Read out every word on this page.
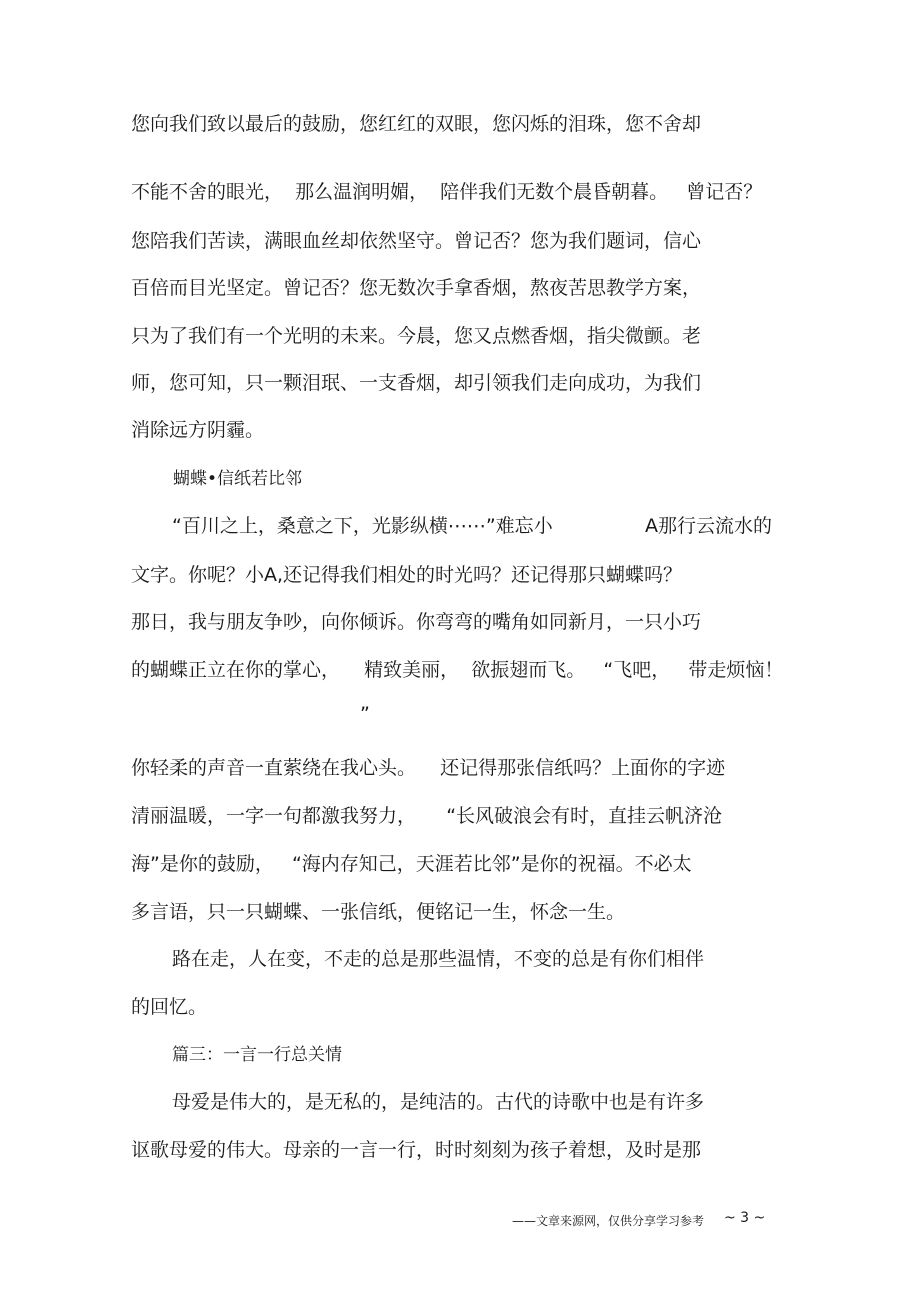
您向我们致以最后的鼓励，您红红的双眼，您闪烁的泪珠，您不舍却
不能不舍的眼光，  那么温润明媚，  陪伴我们无数个晨昏朝暮。   曾记否？
您陪我们苦读，满眼血丝却依然坚守。曾记否？您为我们题词，信心
百倍而目光坚定。曾记否？您无数次手拿香烟，熬夜苦思教学方案，
只为了我们有一个光明的未来。今晨，您又点燃香烟，指尖微颤。老
师，您可知，只一颗泪珉、一支香烟，却引领我们走向成功，为我们
消除远方阴霾。
蝴蝶•信纸若比邻
“百川之上，桑意之下，光影纵横⋯⋯”难忘小	A那行云流水的
文字。你呢？小A,还记得我们相处的时光吗？还记得那只蝴蝶吗？
那日，我与朋友争吵，向你倾诉。你弯弯的嘴角如同新月，一只小巧
的蝴蝶正立在你的掌心，    精致美丽，  欲振翅而飞。   “飞吧，   带走烦恼！
”
你轻柔的声音一直萦绕在我心头。    还记得那张信纸吗？上面你的字迹
清丽温暖，一字一句都激我努力，     “长风破浪会有时，直挂云帆济沧
海”是你的鼓励，   “海内存知己，天涯若比邻”是你的祝福。不必太
多言语，只一只蝴蝶、一张信纸，便铭记一生，怀念一生。
路在走，人在变，不走的总是那些温情，不变的总是有你们相伴
的回忆。
篇三：一言一行总关情
母爱是伟大的，是无私的，是纯洁的。古代的诗歌中也是有许多
讴歌母爱的伟大。母亲的一言一行，时时刻刻为孩子着想，及时是那
——文章来源网，仅供分享学习参考 ~ 3 ~
